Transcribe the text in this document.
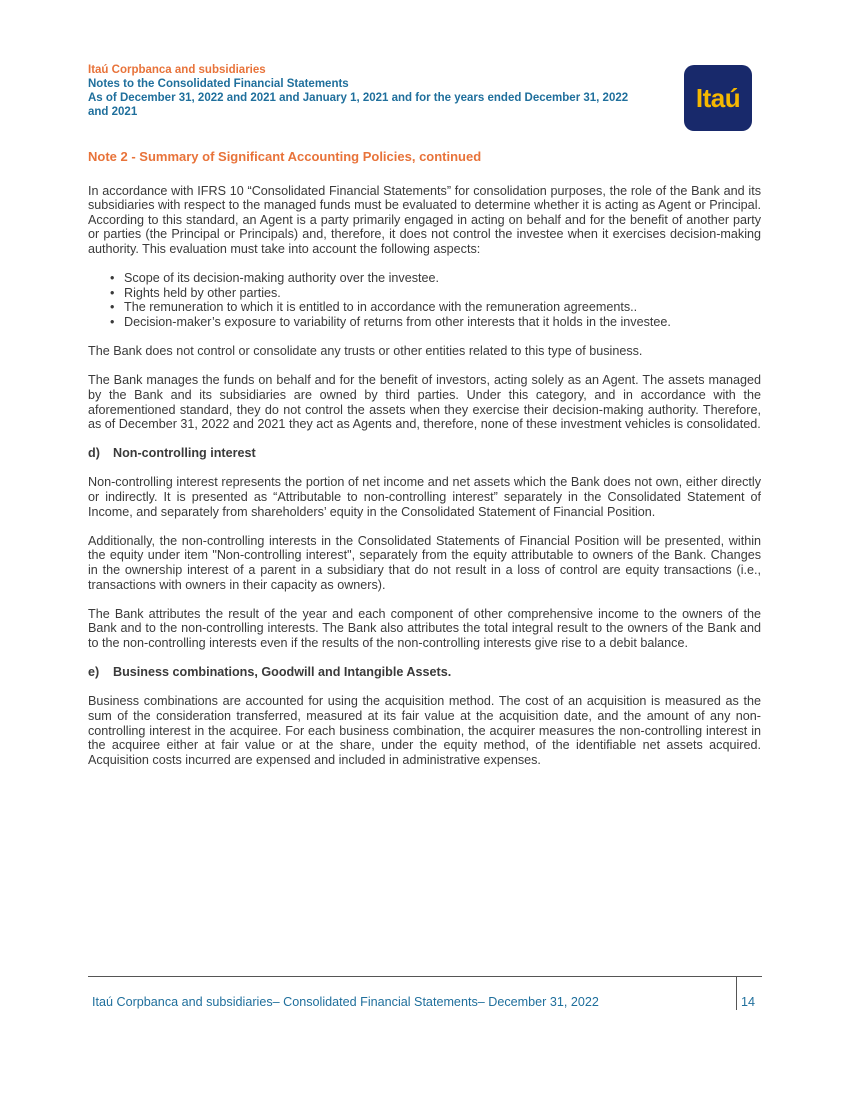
Itaú Corpbanca and subsidiaries
Notes to the Consolidated Financial Statements
As of December 31, 2022 and 2021 and January 1, 2021 and for the years ended December 31, 2022
and 2021	Itaú
Note 2 - Summary of Significant Accounting Policies, continued

In accordance with IFRS 10 “Consolidated Financial Statements” for consolidation purposes, the role of the Bank and its subsidiaries with respect to the managed funds must be evaluated to determine whether it is acting as Agent or Principal. According to this standard, an Agent is a party primarily engaged in acting on behalf and for the benefit of another party or parties (the Principal or Principals) and, therefore, it does not control the investee when it exercises decision-making authority. This evaluation must take into account the following aspects:

• Scope of its decision-making authority over the investee.
• Rights held by other parties.
• The remuneration to which it is entitled to in accordance with the remuneration agreements..
• Decision-maker’s exposure to variability of returns from other interests that it holds in the investee.

The Bank does not control or consolidate any trusts or other entities related to this type of business.

The Bank manages the funds on behalf and for the benefit of investors, acting solely as an Agent. The assets managed by the Bank and its subsidiaries are owned by third parties. Under this category, and in accordance with the aforementioned standard, they do not control the assets when they exercise their decision-making authority. Therefore, as of December 31, 2022 and 2021 they act as Agents and, therefore, none of these investment vehicles is consolidated.

d)	Non-controlling interest

Non-controlling interest represents the portion of net income and net assets which the Bank does not own, either directly or indirectly. It is presented as “Attributable to non-controlling interest” separately in the Consolidated Statement of Income, and separately from shareholders’ equity in the Consolidated Statement of Financial Position.

Additionally, the non-controlling interests in the Consolidated Statements of Financial Position will be presented, within the equity under item "Non-controlling interest", separately from the equity attributable to owners of the Bank. Changes in the ownership interest of a parent in a subsidiary that do not result in a loss of control are equity transactions (i.e., transactions with owners in their capacity as owners).

The Bank attributes the result of the year and each component of other comprehensive income to the owners of the Bank and to the non-controlling interests. The Bank also attributes the total integral result to the owners of the Bank and to the non-controlling interests even if the results of the non-controlling interests give rise to a debit balance.

e)	Business combinations, Goodwill and Intangible Assets.

Business combinations are accounted for using the acquisition method. The cost of an acquisition is measured as the sum of the consideration transferred, measured at its fair value at the acquisition date, and the amount of any non-controlling interest in the acquiree. For each business combination, the acquirer measures the non-controlling interest in the acquiree either at fair value or at the share, under the equity method, of the identifiable net assets acquired. Acquisition costs incurred are expensed and included in administrative expenses.

Itaú Corpbanca and subsidiaries– Consolidated Financial Statements– December 31, 2022	14
